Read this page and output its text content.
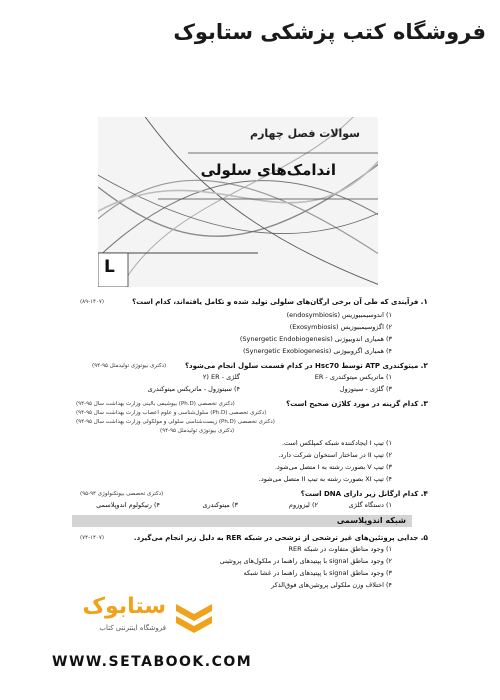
فروشگاه کتب پزشکی ستابوک
سوالات فصل چهارم
اندامک‌های سلولی
L
۱. فرآیندی که طی آن برخی ارگان‌های سلولی تولید شده و تکامل یافته‌اند، کدام است؟
(۸۹-۱۴۰۷)
۱) اندوسیمبیوزیس (endosymbiosis)
۲) اگزوسیمبیوزیس (Exosymbiosis)
۳) همیاری اندوبیوژنی (Synergetic Endobiogenesis)
۴) همیاری اگزوبیوژنی (Synergetic Exobiogenesis)
۲. میتوکندری ATP توسط Hsc70 در کدام قسمت سلول انجام می‌شود؟
(دکتری بیوتوژی تولیدمثل ۹۵-۹۴)
۱) ماتریکس میتوکندری - ER
۲) ER - گلژی
۳) گلژی - سیتوزول
۴) سیتوزول - ماتریکس میتوکندری
۳. کدام گزینه در مورد کلاژن صحیح است؟
(دکتری تخصصی (Ph.D) بیوشیمی بالینی وزارت بهداشت سال ۹۵-۹۴)
(دکتری تخصصی (Ph.D) سلول‌شناسی و علوم اعصاب وزارت بهداشت سال ۹۵-۹۴)
(دکتری تخصصی (Ph.D) زیست‌شناسی سلولی و مولکولی وزارت بهداشت سال ۹۵-۹۴)
(دکتری بیوتوژی تولیدمثل ۹۵-۹۴)
۱) تیپ I ایجادکننده شبکه کمپلکس است.
۲) تیپ II در ساختار استخوان شرکت دارد.
۳) تیپ V بصورت رشته به I متصل می‌شود.
۴) تیپ XI بصورت رشته به تیپ II متصل می‌شود.
۴. کدام ارگانل زیر دارای DNA است؟
(دکتری تخصصی بیوتکنولوژی ۹۴-۹۵)
۱) دستگاه گلژی
۲) لیزوزوم
۳) میتوکندری
۴) رتیکولوم اندوپلاسمی
شبکه اندوپلاسمی
۵. جدایی پروتئین‌های غیر ترشحی از ترشحی در شبکه RER به دلیل زیر انجام می‌گیرد.
(۷۴-۱۴۰۷)
۱) وجود مناطق متفاوت در شبکه RER
۲) وجود مناطق signal با پپتیدهای راهنما در ملکول‌های پروتئینی
۳) وجود مناطق signal با پپتیدهای راهنما در غشا شبکه
۴) اختلاف وزن ملکولی پروتئین‌های فوق‌الذکر
ستابوک
فروشگاه اینترنتی کتاب
WWW.SETABOOK.COM
